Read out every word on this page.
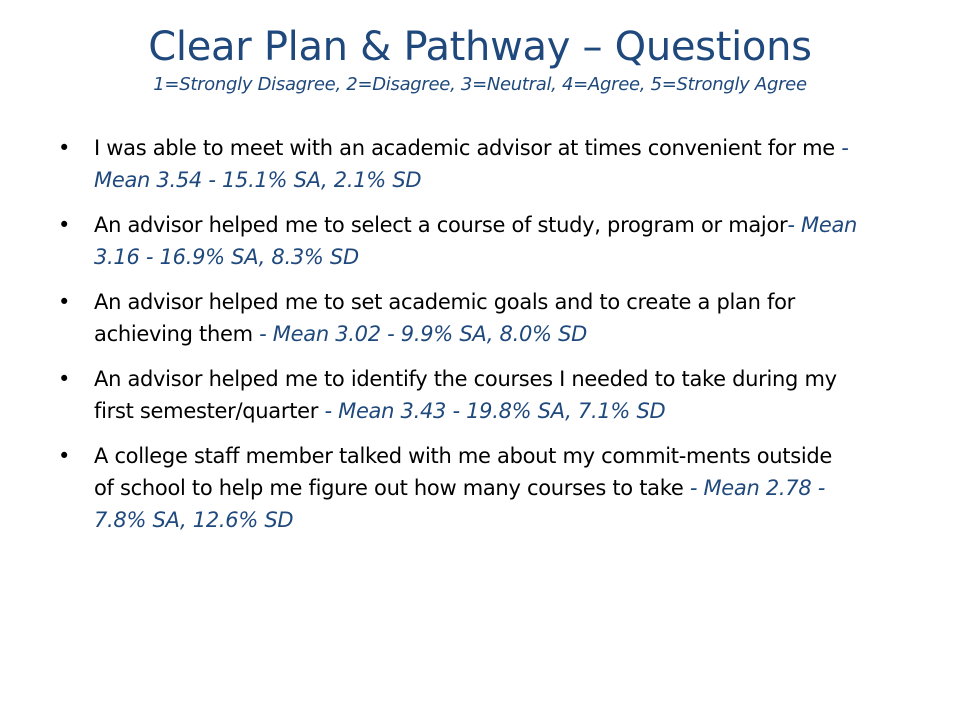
Clear Plan & Pathway – Questions

1=Strongly Disagree, 2=Disagree, 3=Neutral, 4=Agree, 5=Strongly Agree

• I was able to meet with an academic advisor at times convenient for me - Mean 3.54 - 15.1% SA, 2.1% SD
• An advisor helped me to select a course of study, program or major- Mean 3.16 - 16.9% SA, 8.3% SD
• An advisor helped me to set academic goals and to create a plan for achieving them - Mean 3.02 - 9.9% SA, 8.0% SD
• An advisor helped me to identify the courses I needed to take during my first semester/quarter - Mean 3.43 - 19.8% SA, 7.1% SD
• A college staff member talked with me about my commit-ments outside of school to help me figure out how many courses to take - Mean 2.78 - 7.8% SA, 12.6% SD
